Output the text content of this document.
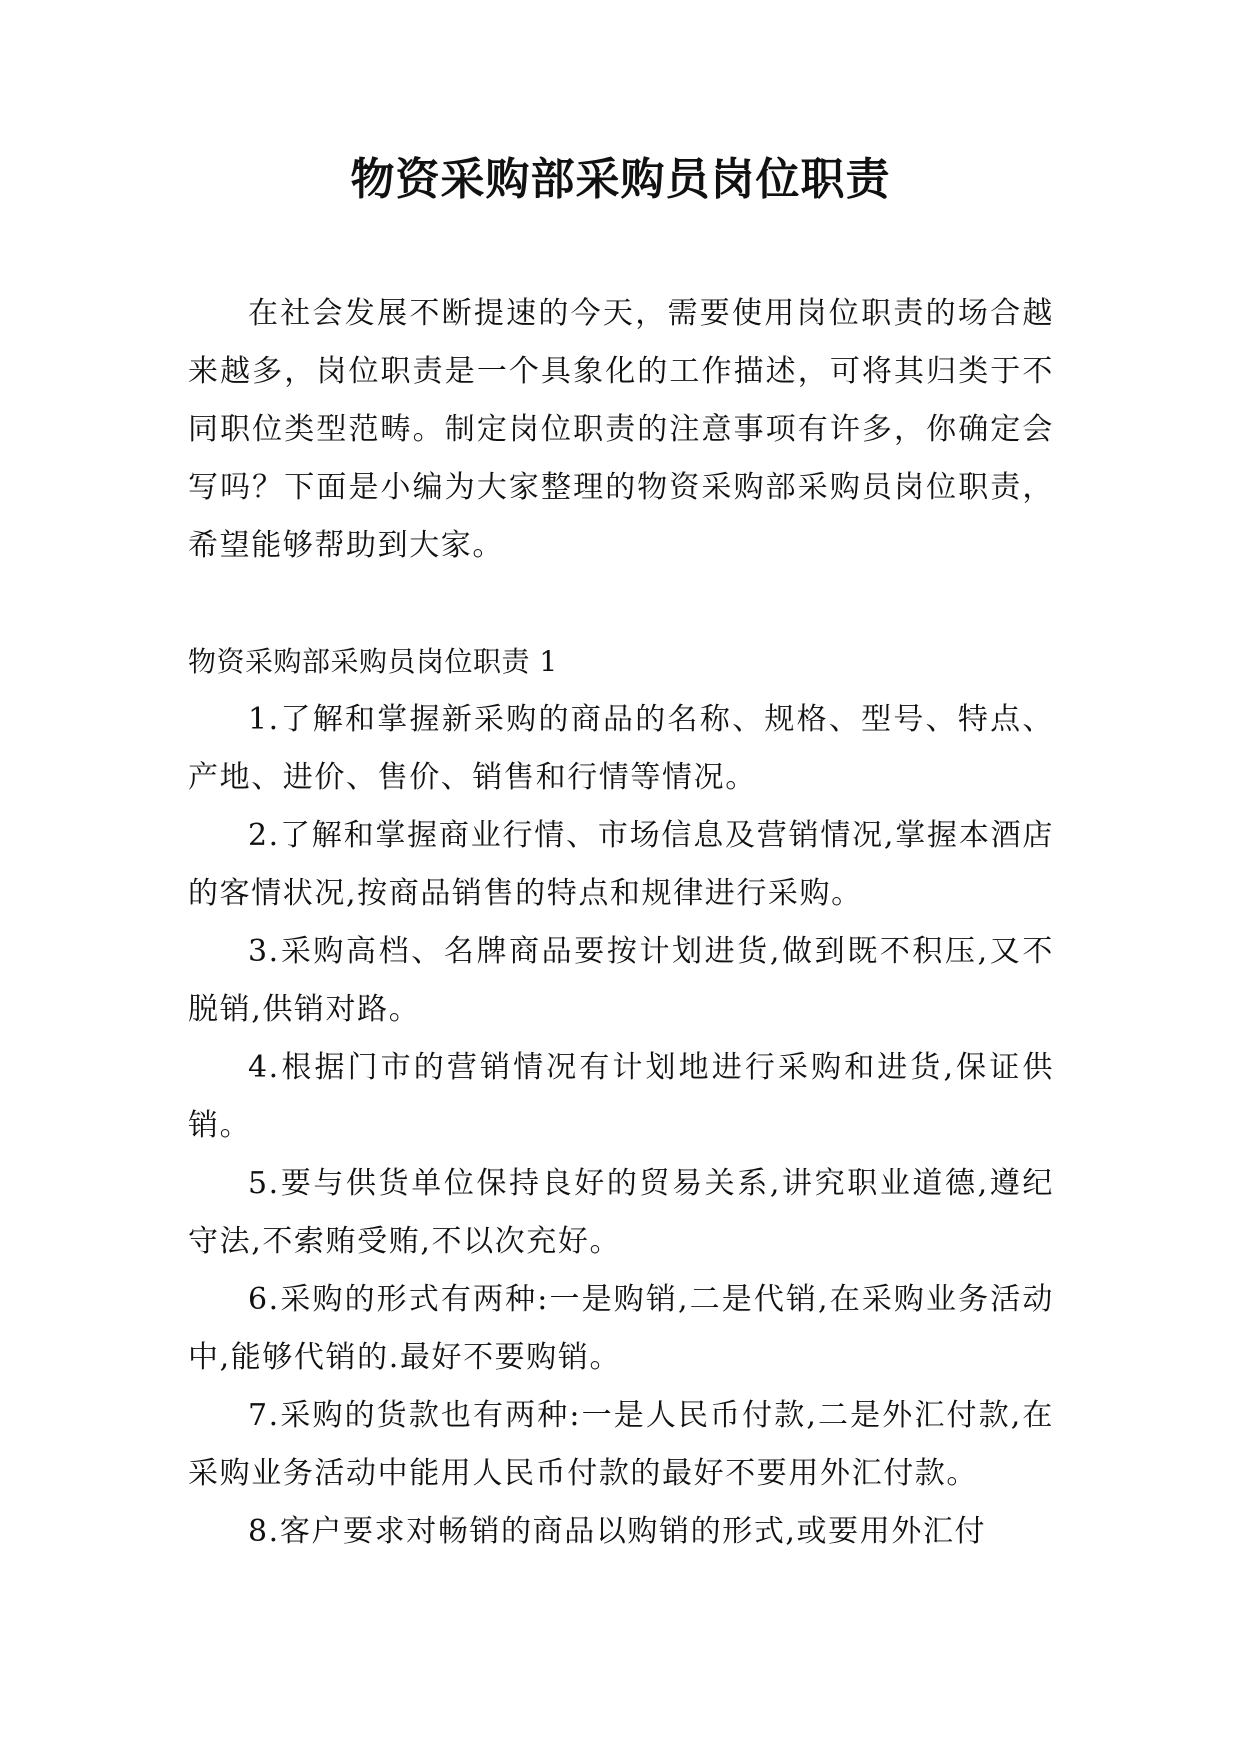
物资采购部采购员岗位职责

在社会发展不断提速的今天，需要使用岗位职责的场合越来越多，岗位职责是一个具象化的工作描述，可将其归类于不同职位类型范畴。制定岗位职责的注意事项有许多，你确定会写吗？下面是小编为大家整理的物资采购部采购员岗位职责，希望能够帮助到大家。

物资采购部采购员岗位职责 1

1.了解和掌握新采购的商品的名称、规格、型号、特点、产地、进价、售价、销售和行情等情况。

2.了解和掌握商业行情、市场信息及营销情况,掌握本酒店的客情状况,按商品销售的特点和规律进行采购。

3.采购高档、名牌商品要按计划进货,做到既不积压,又不脱销,供销对路。

4.根据门市的营销情况有计划地进行采购和进货,保证供销。

5.要与供货单位保持良好的贸易关系,讲究职业道德,遵纪守法,不索贿受贿,不以次充好。

6.采购的形式有两种:一是购销,二是代销,在采购业务活动中,能够代销的.最好不要购销。

7.采购的货款也有两种:一是人民币付款,二是外汇付款,在采购业务活动中能用人民币付款的最好不要用外汇付款。

8.客户要求对畅销的商品以购销的形式,或要用外汇付
